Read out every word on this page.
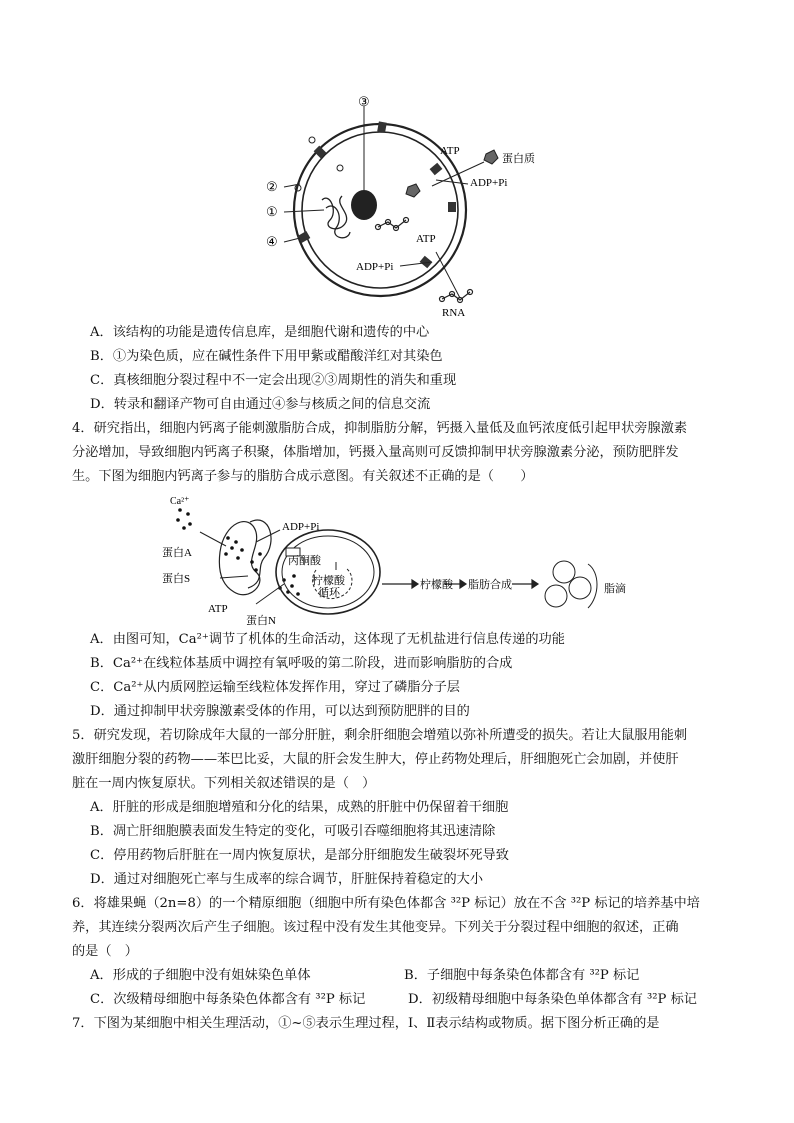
③
②
①
④
ATP
蛋白质
ADP+Pi
ATP
ADP+Pi
RNA
A．该结构的功能是遗传信息库，是细胞代谢和遗传的中心
B．①为染色质，应在碱性条件下用甲紫或醋酸洋红对其染色
C．真核细胞分裂过程中不一定会出现②③周期性的消失和重现
D．转录和翻译产物可自由通过④参与核质之间的信息交流
4．研究指出，细胞内钙离子能刺激脂肪合成，抑制脂肪分解，钙摄入量低及血钙浓度低引起甲状旁腺激素
分泌增加，导致细胞内钙离子积聚，体脂增加，钙摄入量高则可反馈抑制甲状旁腺激素分泌，预防肥胖发
生。下图为细胞内钙离子参与的脂肪合成示意图。有关叙述不正确的是（　　）
Ca²⁺
ADP+Pi
蛋白A
蛋白S
ATP
蛋白N
丙酮酸
柠檬酸
循环
柠檬酸 脂肪合成	脂滴
A．由图可知，Ca²⁺调节了机体的生命活动，这体现了无机盐进行信息传递的功能
B．Ca²⁺在线粒体基质中调控有氧呼吸的第二阶段，进而影响脂肪的合成
C．Ca²⁺从内质网腔运输至线粒体发挥作用，穿过了磷脂分子层
D．通过抑制甲状旁腺激素受体的作用，可以达到预防肥胖的目的
5．研究发现，若切除成年大鼠的一部分肝脏，剩余肝细胞会增殖以弥补所遭受的损失。若让大鼠服用能刺
激肝细胞分裂的药物——苯巴比妥，大鼠的肝会发生肿大，停止药物处理后，肝细胞死亡会加剧，并使肝
脏在一周内恢复原状。下列相关叙述错误的是（　）
A．肝脏的形成是细胞增殖和分化的结果，成熟的肝脏中仍保留着干细胞
B．凋亡肝细胞膜表面发生特定的变化，可吸引吞噬细胞将其迅速清除
C．停用药物后肝脏在一周内恢复原状，是部分肝细胞发生破裂坏死导致
D．通过对细胞死亡率与生成率的综合调节，肝脏保持着稳定的大小
6．将雄果蝇（2n=8）的一个精原细胞（细胞中所有染色体都含 ³²P 标记）放在不含 ³²P 标记的培养基中培
养，其连续分裂两次后产生子细胞。该过程中没有发生其他变异。下列关于分裂过程中细胞的叙述，正确
的是（　）
A．形成的子细胞中没有姐妹染色单体	B．子细胞中每条染色体都含有 ³²P 标记
C．次级精母细胞中每条染色体都含有 ³²P 标记	D．初级精母细胞中每条染色单体都含有 ³²P 标记
7．下图为某细胞中相关生理活动，①~⑤表示生理过程，Ⅰ、Ⅱ表示结构或物质。据下图分析正确的是
